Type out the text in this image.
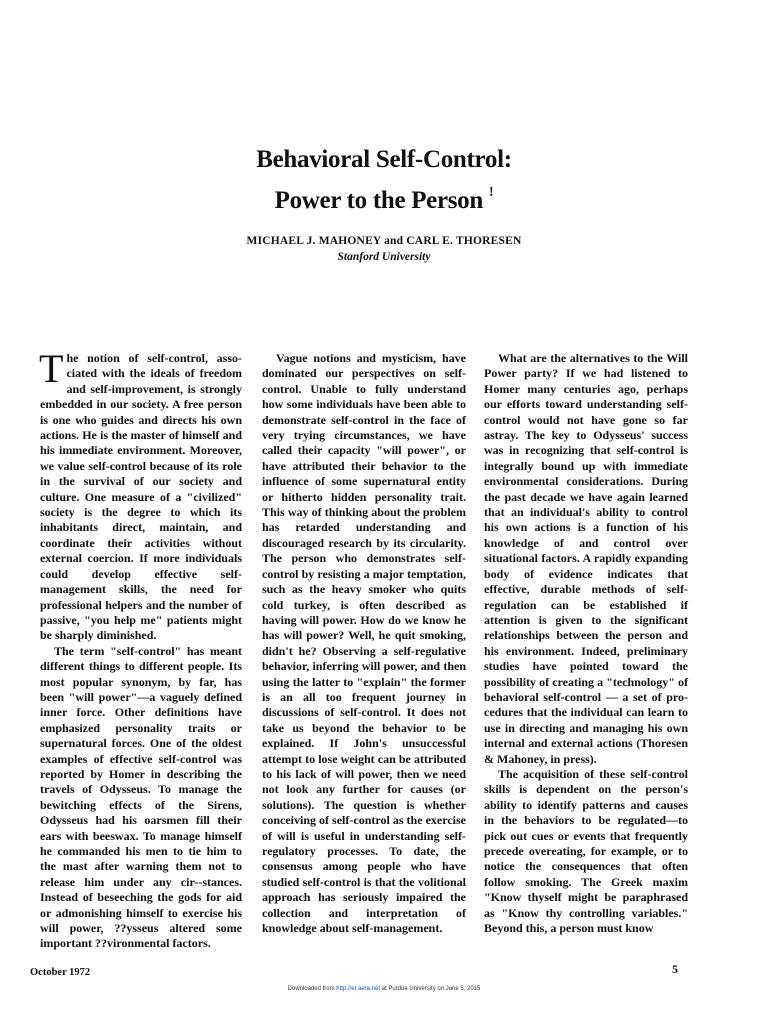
Behavioral Self-Control:
Power to the Person !
MICHAEL J. MAHONEY and CARL E. THORESEN
Stanford University

The notion of self-control, associated with the ideals of freedom and self-improvement, is strongly embedded in our society. A free person is one who guides and directs his own actions. He is the master of himself and his immediate environment. Moreover, we value self-control because of its role in the survival of our society and culture. One measure of a "civilized" society is the degree to which its inhabitants direct, maintain, and coordinate their activities without external coercion. If more individuals could develop effective self-management skills, the need for professional helpers and the number of passive, "you help me" patients might be sharply diminished.

The term "self-control" has meant different things to different people. Its most popular synonym, by far, has been "will power"—a vaguely defined inner force. Other definitions have emphasized personality traits or supernatural forces. One of the oldest examples of effective self-control was reported by Homer in describing the travels of Odysseus. To manage the bewitching effects of the Sirens, Odysseus had his oarsmen fill their ears with beeswax. To manage himself he commanded his men to tie him to the mast after warning them not to release him under any cir--stances. Instead of beseeching the gods for aid or admonishing himself to exercise his will power, ??ysseus altered some important ??vironmental factors.

Vague notions and mysticism, have dominated our perspectives on self-control. Unable to fully understand how some individuals have been able to demonstrate self-control in the face of very trying circumstances, we have called their capacity "will power", or have attributed their behavior to the influence of some supernatural entity or hitherto hidden personality trait. This way of thinking about the problem has retarded understanding and discouraged research by its circularity. The person who demonstrates self-control by resisting a major temptation, such as the heavy smoker who quits cold turkey, is often described as having will power. How do we know he has will power? Well, he quit smoking, didn't he? Observing a self-regulative behavior, inferring will power, and then using the latter to "explain" the former is an all too frequent journey in discussions of self-control. It does not take us beyond the behavior to be explained. If John's unsuccessful attempt to lose weight can be attributed to his lack of will power, then we need not look any further for causes (or solutions). The question is whether conceiving of self-control as the exercise of will is useful in understanding self-regulatory processes. To date, the consensus among people who have studied self-control is that the volitional approach has seriously impaired the collection and interpretation of knowledge about self-management.

What are the alternatives to the Will Power party? If we had listened to Homer many centuries ago, perhaps our efforts toward understanding self-control would not have gone so far astray. The key to Odysseus' success was in recognizing that self-control is integrally bound up with immediate environmental considerations. During the past decade we have again learned that an individual's ability to control his own actions is a function of his knowledge of and control over situational factors. A rapidly expanding body of evidence indicates that effective, durable methods of self-regulation can be established if attention is given to the significant relationships between the person and his environment. Indeed, preliminary studies have pointed toward the possibility of creating a "technology" of behavioral self-control — a set of procedures that the individual can learn to use in directing and managing his own internal and external actions (Thoresen & Mahoney, in press).

The acquisition of these self-control skills is dependent on the person's ability to identify patterns and causes in the behaviors to be regulated—to pick out cues or events that frequently precede overeating, for example, or to notice the consequences that often follow smoking. The Greek maxim "Know thyself might be paraphrased as "Know thy controlling variables." Beyond this, a person must know

October 1972	5
Downloaded from http://er.aera.net at Purdue University on June 5, 2015
